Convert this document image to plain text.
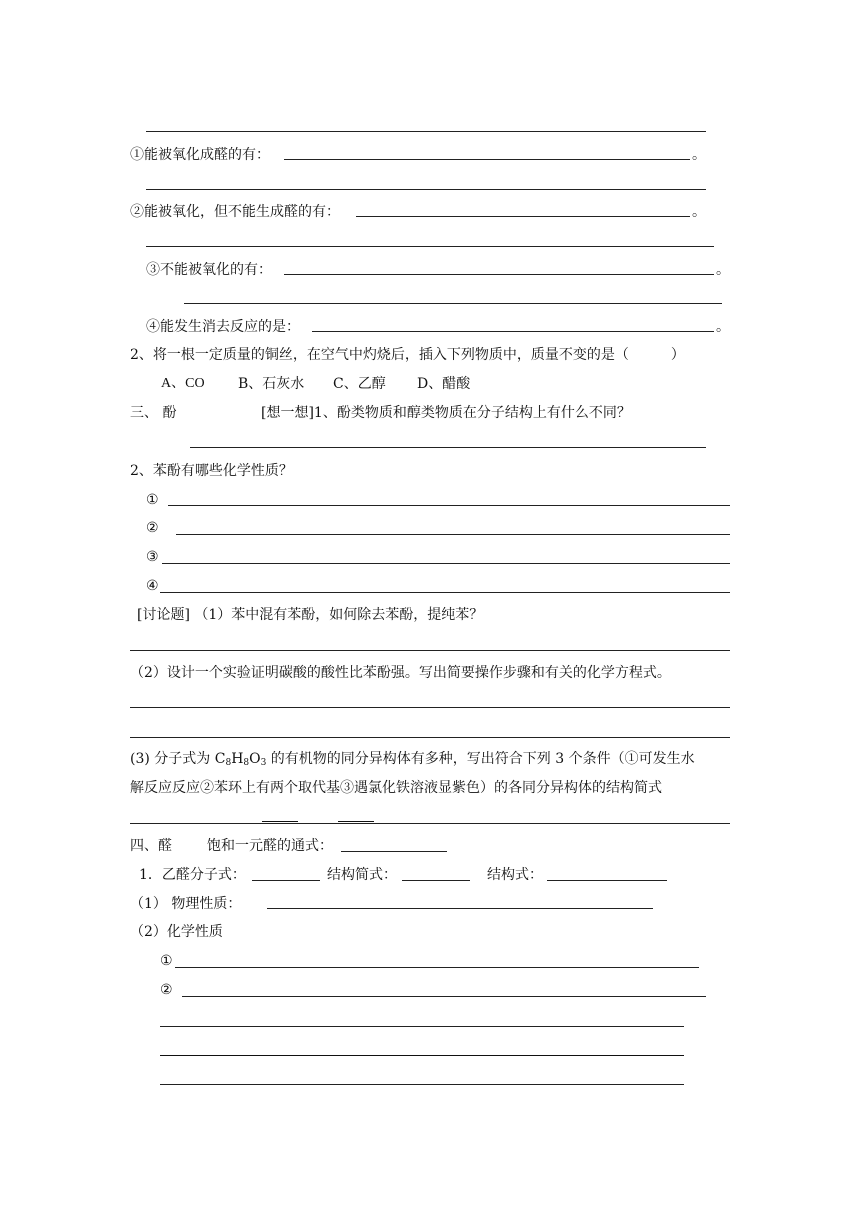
①能被氧化成醛的有：	。
②能被氧化，但不能生成醛的有：	。
③不能被氧化的有：	。
④能发生消去反应的是：	。
2、将一根一定质量的铜丝，在空气中灼烧后，插入下列物质中，质量不变的是（　　　）
A、CO B、石灰水 C、乙醇 D、醋酸
三、 酚	[想一想]1、酚类物质和醇类物质在分子结构上有什么不同？
2、苯酚有哪些化学性质？
①
②
③
④
[讨论题] （1）苯中混有苯酚，如何除去苯酚，提纯苯？
（2）设计一个实验证明碳酸的酸性比苯酚强。写出简要操作步骤和有关的化学方程式。
(3) 分子式为 $C_8H_8O_3$ 的有机物的同分异构体有多种，写出符合下列 3 个条件（①可发生水
解反应反应②苯环上有两个取代基③遇氯化铁溶液显紫色）的各同分异构体的结构简式
四、醛	饱和一元醛的通式：
1．乙醛分子式：	结构简式：	结构式：
（1） 物理性质：
（2）化学性质
①
②
